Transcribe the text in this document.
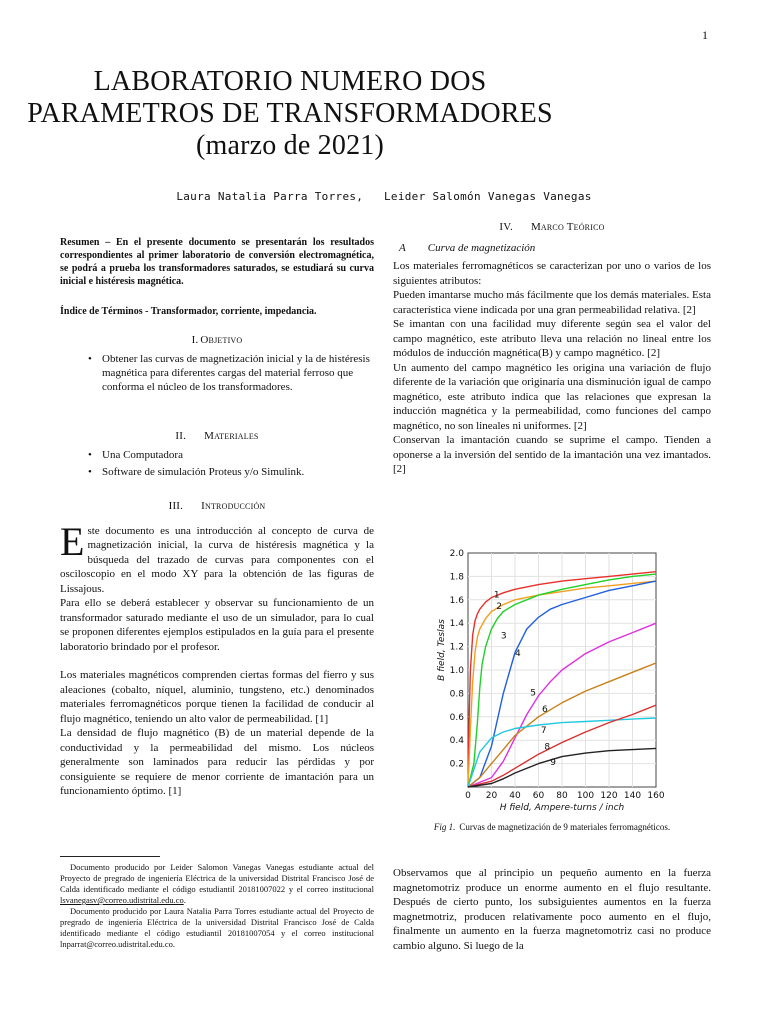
1
LABORATORIO NUMERO DOS
PARAMETROS DE TRANSFORMADORES
(marzo de 2021)
Laura Natalia Parra Torres,   Leider Salomón Vanegas Vanegas
Resumen – En el presente documento se presentarán los resultados correspondientes al primer laboratorio de conversión electromagnética, se podrá a prueba los transformadores saturados, se estudiará su curva inicial e histéresis magnética.
Índice de Términos - Transformador, corriente, impedancia.
I. Objetivo
• Obtener las curvas de magnetización inicial y la de histéresis magnética para diferentes cargas del material ferroso que conforma el núcleo de los transformadores.
II. Materiales
• Una Computadora
• Software de simulación Proteus y/o Simulink.
III. Introducción

Este documento es una introducción al concepto de curva de magnetización inicial, la curva de histéresis magnética y la búsqueda del trazado de curvas para componentes con el osciloscopio en el modo XY para la obtención de las figuras de Lissajous.

Para ello se deberá establecer y observar su funcionamiento de un transformador saturado mediante el uso de un simulador, para lo cual se proponen diferentes ejemplos estipulados en la guía para el presente laboratorio brindado por el profesor.

Los materiales magnéticos comprenden ciertas formas del fierro y sus aleaciones (cobalto, níquel, aluminio, tungsteno, etc.) denominados materiales ferromagnéticos porque tienen la facilidad de conducir al flujo magnético, teniendo un alto valor de permeabilidad. [1]

La densidad de flujo magnético (B) de un material depende de la conductividad y la permeabilidad del mismo. Los núcleos generalmente son laminados para reducir las pérdidas y por consiguiente se requiere de menor corriente de imantación para un funcionamiento óptimo. [1]

Documento producido por Leider Salomon Vanegas Vanegas estudiante actual del Proyecto de pregrado de ingeniería Eléctrica de la universidad Distrital Francisco José de Calda identificado mediante el código estudiantil 20181007022 y el correo institucional lsvanegasv@correo.udistrital.edu.co.

Documento producido por Laura Natalia Parra Torres estudiante actual del Proyecto de pregrado de ingeniería Eléctrica de la universidad Distrital Francisco José de Calda identificado mediante el código estudiantil 20181007054 y el correo institucional lnparrat@correo.udistrital.edu.co.

IV. Marco Teórico
A Curva de magnetización

Los materiales ferromagnéticos se caracterizan por uno o varios de los siguientes atributos:

Pueden imantarse mucho más fácilmente que los demás materiales. Esta característica viene indicada por una gran permeabilidad relativa. [2]

Se imantan con una facilidad muy diferente según sea el valor del campo magnético, este atributo lleva una relación no lineal entre los módulos de inducción magnética(B) y campo magnético. [2]

Un aumento del campo magnético les origina una variación de flujo diferente de la variación que originaría una disminución igual de campo magnético, este atributo indica que las relaciones que expresan la inducción magnética y la permeabilidad, como funciones del campo magnético, no son lineales ni uniformes. [2]

Conservan la imantación cuando se suprime el campo. Tienden a oponerse a la inversión del sentido de la imantación una vez imantados. [2]

0 20 40 60 80 100 120 140 160
0.2
0.4
0.6
0.8
1.0
1.2
1.4
1.6
1.8
2.0
H field, Ampere-turns / inch
B field, Teslas
1
2
3
4
5
6
7
8
9
Fig 1. Curvas de magnetización de 9 materiales ferromagnéticos.
Observamos que al principio un pequeño aumento en la fuerza magnetomotriz produce un enorme aumento en el flujo resultante. Después de cierto punto, los subsiguientes aumentos en la fuerza magnetmotriz, producen relativamente poco aumento en el flujo, finalmente un aumento en la fuerza magnetomotriz casi no produce cambio alguno. Si luego de la
